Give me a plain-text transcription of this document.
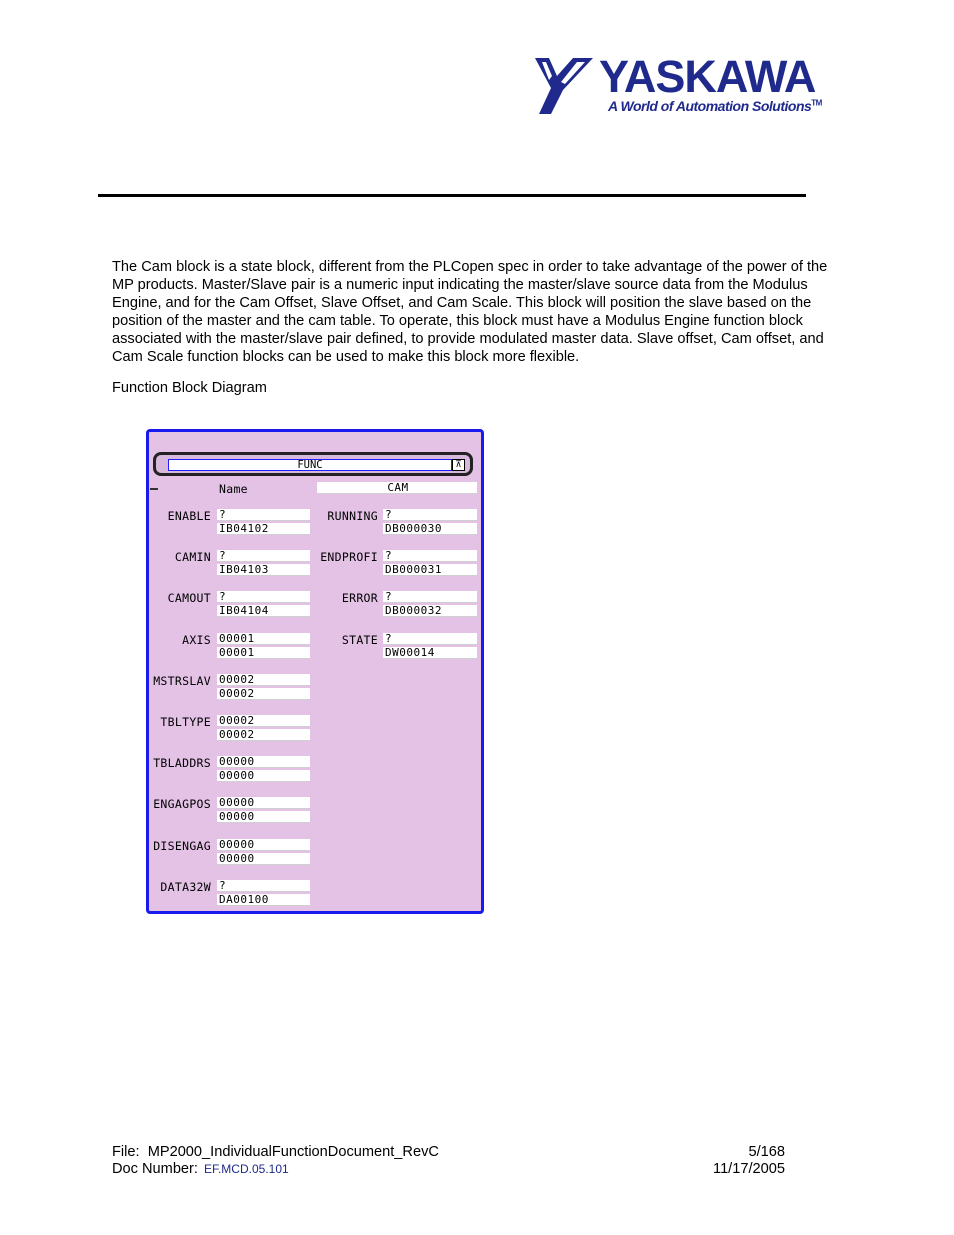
YASKAWA
A World of Automation Solutions™

The Cam block is a state block, different from the PLCopen spec in order to take advantage of the power of the MP products. Master/Slave pair is a numeric input indicating the master/slave source data from the Modulus Engine, and for the Cam Offset, Slave Offset, and Cam Scale. This block will position the slave based on the position of the master and the cam table. To operate, this block must have a Modulus Engine function block associated with the master/slave pair defined, to provide modulated master data. Slave offset, Cam offset, and Cam Scale function blocks can be used to make this block more flexible.

Function Block Diagram
FUNC	⊼
Name	CAM
ENABLE ?
IB04102
CAMIN ?
IB04103
CAMOUT ?
IB04104
AXIS 00001
00001
MSTRSLAV 00002
00002
TBLTYPE 00002
00002
TBLADDRS 00000
00000
ENGAGPOS 00000
00000
DISENGAG 00000
00000
DATA32W ?
DA00100
RUNNING ?
DB000030
ENDPROFI ?
DB000031
ERROR ?
DB000032
STATE ?
DW00014
File: MP2000_IndividualFunctionDocument_RevC
Doc Number: EF.MCD.05.101
5/168
11/17/2005
